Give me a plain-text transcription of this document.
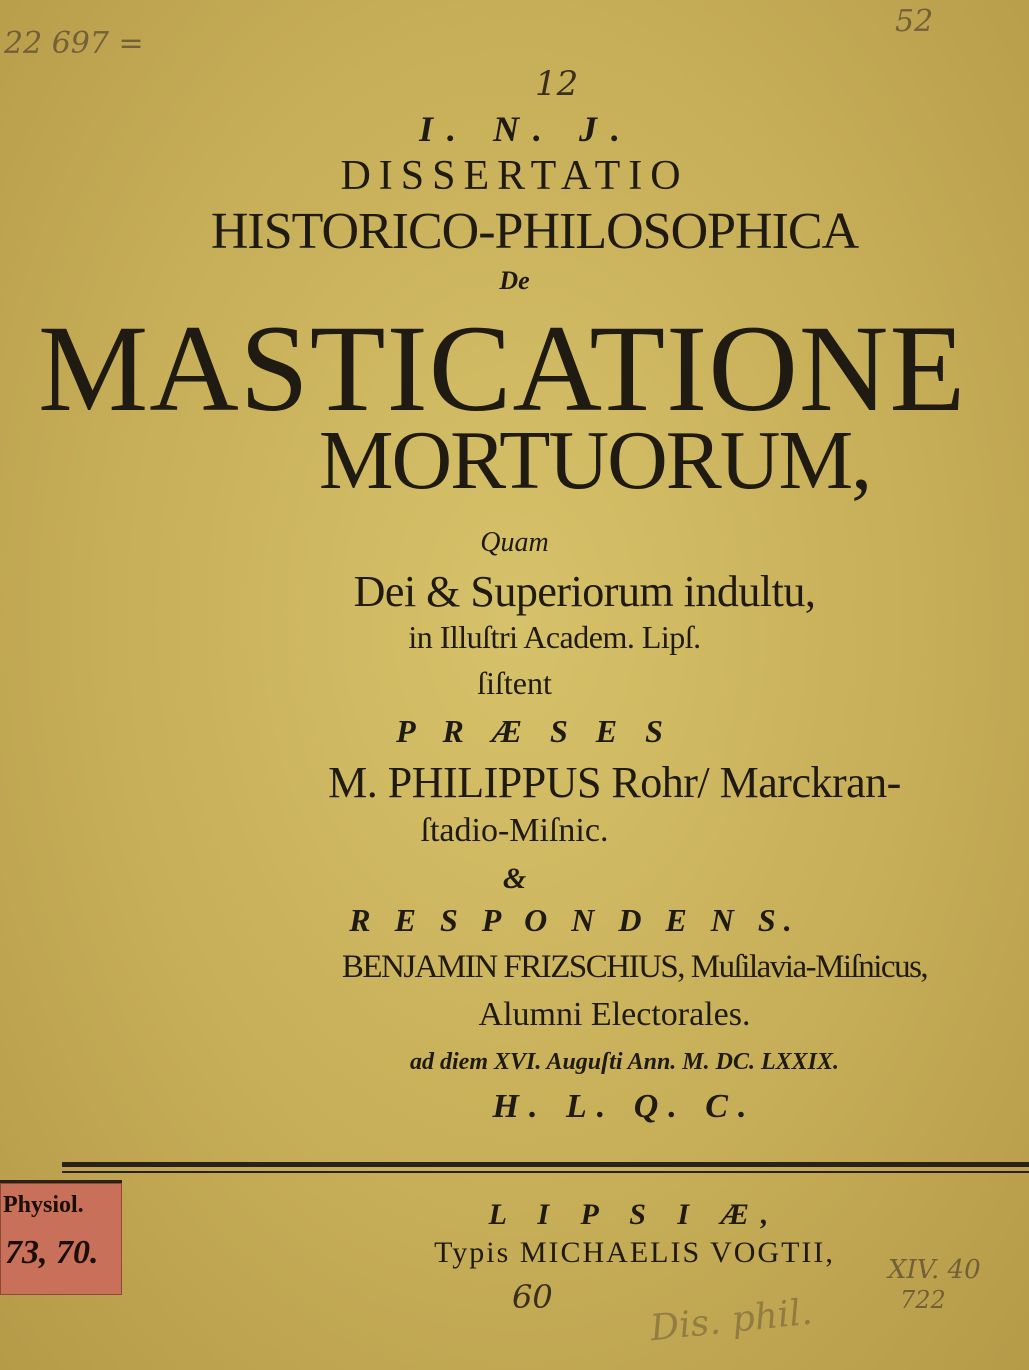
22 697 =
52
12
I. N. J.
DISSERTATIO
HISTORICO-PHILOSOPHICA
De
MASTICATIONE
MORTUORUM,
Quam
Dei & Superiorum indultu,
in Illuſtri Academ. Lipſ.
ſiſtent
P R Æ S E S
M. PHILIPPUS Rohr/ Marckran-
ſtadio-Miſnic.
&
R E S P O N D E N S.
BENJAMIN FRIZSCHIUS, Muſilavia-Miſnicus,
Alumni Electorales.
ad diem XVI. Auguſti Ann. M. DC. LXXIX.
H. L. Q. C.
L I P S I Æ,
Typis MICHAELIS VOGTII,
60
XIV. 40
722
Dis. phil.
Physiol.
73, 70.
